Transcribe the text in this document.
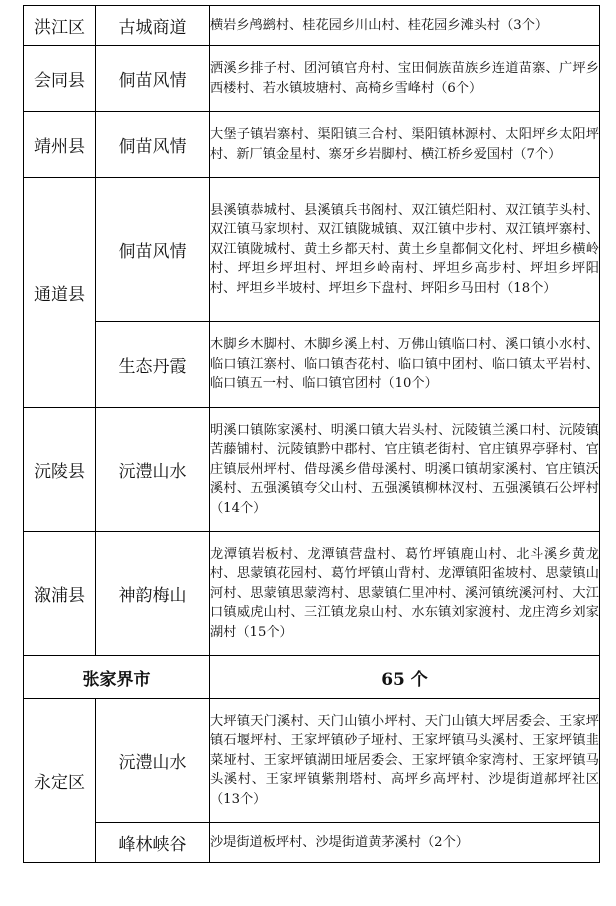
洪江区	古城商道	横岩乡鸬鹚村、桂花园乡川山村、桂花园乡滩头村（3个）
会同县	侗苗风情	洒溪乡排子村、团河镇官舟村、宝田侗族苗族乡连道苗寨、广坪乡西楼村、若水镇坡塘村、高椅乡雪峰村（6个）
靖州县	侗苗风情	大堡子镇岩寨村、渠阳镇三合村、渠阳镇林源村、太阳坪乡太阳坪村、新厂镇金星村、寨牙乡岩脚村、横江桥乡爱国村（7个）
通道县	侗苗风情	县溪镇恭城村、县溪镇兵书阁村、双江镇烂阳村、双江镇芋头村、双江镇马家坝村、双江镇陇城镇、双江镇中步村、双江镇坪寨村、双江镇陇城村、黄土乡都天村、黄土乡皇都侗文化村、坪坦乡横岭村、坪坦乡坪坦村、坪坦乡岭南村、坪坦乡高步村、坪坦乡坪阳村、坪坦乡半坡村、坪坦乡下盘村、坪阳乡马田村（18个）
	生态丹霞	木脚乡木脚村、木脚乡溪上村、万佛山镇临口村、溪口镇小水村、临口镇江寨村、临口镇杏花村、临口镇中团村、临口镇太平岩村、临口镇五一村、临口镇官团村（10个）
沅陵县	沅澧山水	明溪口镇陈家溪村、明溪口镇大岩头村、沅陵镇兰溪口村、沅陵镇苦藤铺村、沅陵镇黔中郡村、官庄镇老街村、官庄镇界亭驿村、官庄镇辰州坪村、借母溪乡借母溪村、明溪口镇胡家溪村、官庄镇沃溪村、五强溪镇夸父山村、五强溪镇柳林汊村、五强溪镇石公坪村（14个）
溆浦县	神韵梅山	龙潭镇岩板村、龙潭镇营盘村、葛竹坪镇鹿山村、北斗溪乡黄龙村、思蒙镇花园村、葛竹坪镇山背村、龙潭镇阳雀坡村、思蒙镇山河村、思蒙镇思蒙湾村、思蒙镇仁里冲村、溪河镇统溪河村、大江口镇威虎山村、三江镇龙泉山村、水东镇刘家渡村、龙庄湾乡刘家湖村（15个）
张家界市		65 个
永定区	沅澧山水	大坪镇天门溪村、天门山镇小坪村、天门山镇大坪居委会、王家坪镇石堰坪村、王家坪镇砂子垭村、王家坪镇马头溪村、王家坪镇韭菜垭村、王家坪镇湖田垭居委会、王家坪镇伞家湾村、王家坪镇马头溪村、王家坪镇紫荆塔村、高坪乡高坪村、沙堤街道郝坪社区（13个）
	峰林峡谷	沙堤街道板坪村、沙堤街道黄茅溪村（2个）
